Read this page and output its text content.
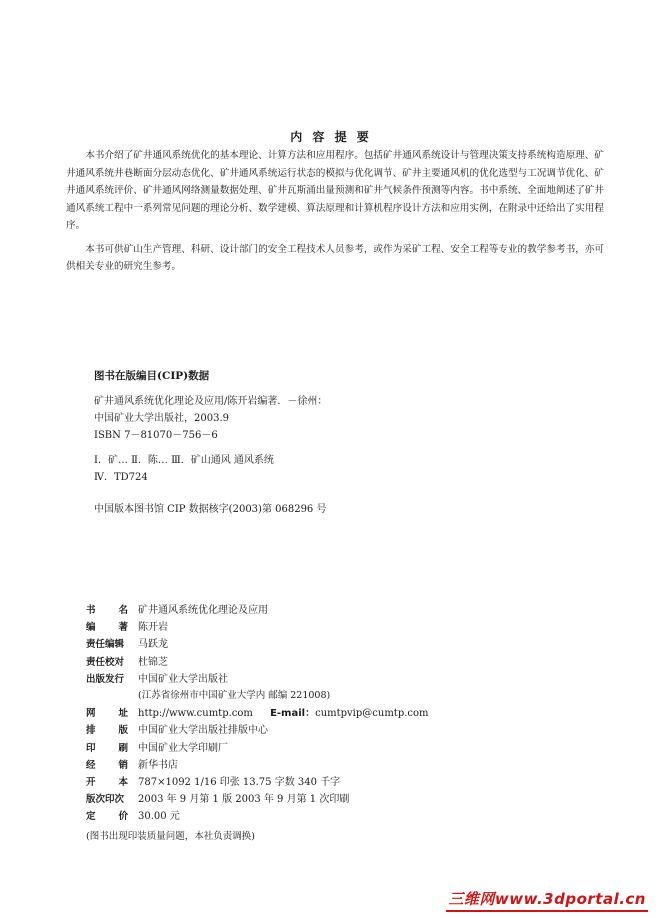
内 容 提 要

本书介绍了矿井通风系统优化的基本理论、计算方法和应用程序。包括矿井通风系统设计与管理决策支持系统构造原理、矿井通风系统井巷断面分层动态优化、矿井通风系统运行状态的模拟与优化调节、矿井主要通风机的优化选型与工况调节优化、矿井通风系统评价、矿井通风网络测量数据处理、矿井瓦斯涌出量预测和矿井气候条件预测等内容。书中系统、全面地阐述了矿井通风系统工程中一系列常见问题的理论分析、数学建模、算法原理和计算机程序设计方法和应用实例，在附录中还给出了实用程序。

本书可供矿山生产管理、科研、设计部门的安全工程技术人员参考，或作为采矿工程、安全工程等专业的教学参考书，亦可供相关专业的研究生参考。

图书在版编目(CIP)数据
矿井通风系统优化理论及应用/陈开岩编著．－徐州：
中国矿业大学出版社，2003.9
ISBN 7－81070－756－6
Ⅰ．矿… Ⅱ．陈… Ⅲ．矿山通风 通风系统
Ⅳ．TD724
中国版本图书馆 CIP 数据核字(2003)第 068296 号
书 名 矿井通风系统优化理论及应用
编 著 陈开岩
责任编辑	马跃龙
责任校对	杜锦芝
出版发行	中国矿业大学出版社
(江苏省徐州市中国矿业大学内 邮编 221008)
网 址 http://www.cumtp.com E-mail：cumtpvip@cumtp.com
排 版 中国矿业大学出版社排版中心
印 刷 中国矿业大学印刷厂
经 销 新华书店
开 本 787×1092 1/16 印张 13.75 字数 340 千字
版次印次	2003 年 9 月第 1 版 2003 年 9 月第 1 次印刷
定 价 30.00 元
(图书出现印装质量问题，本社负责调换)
三维网www.3dportal.cn
